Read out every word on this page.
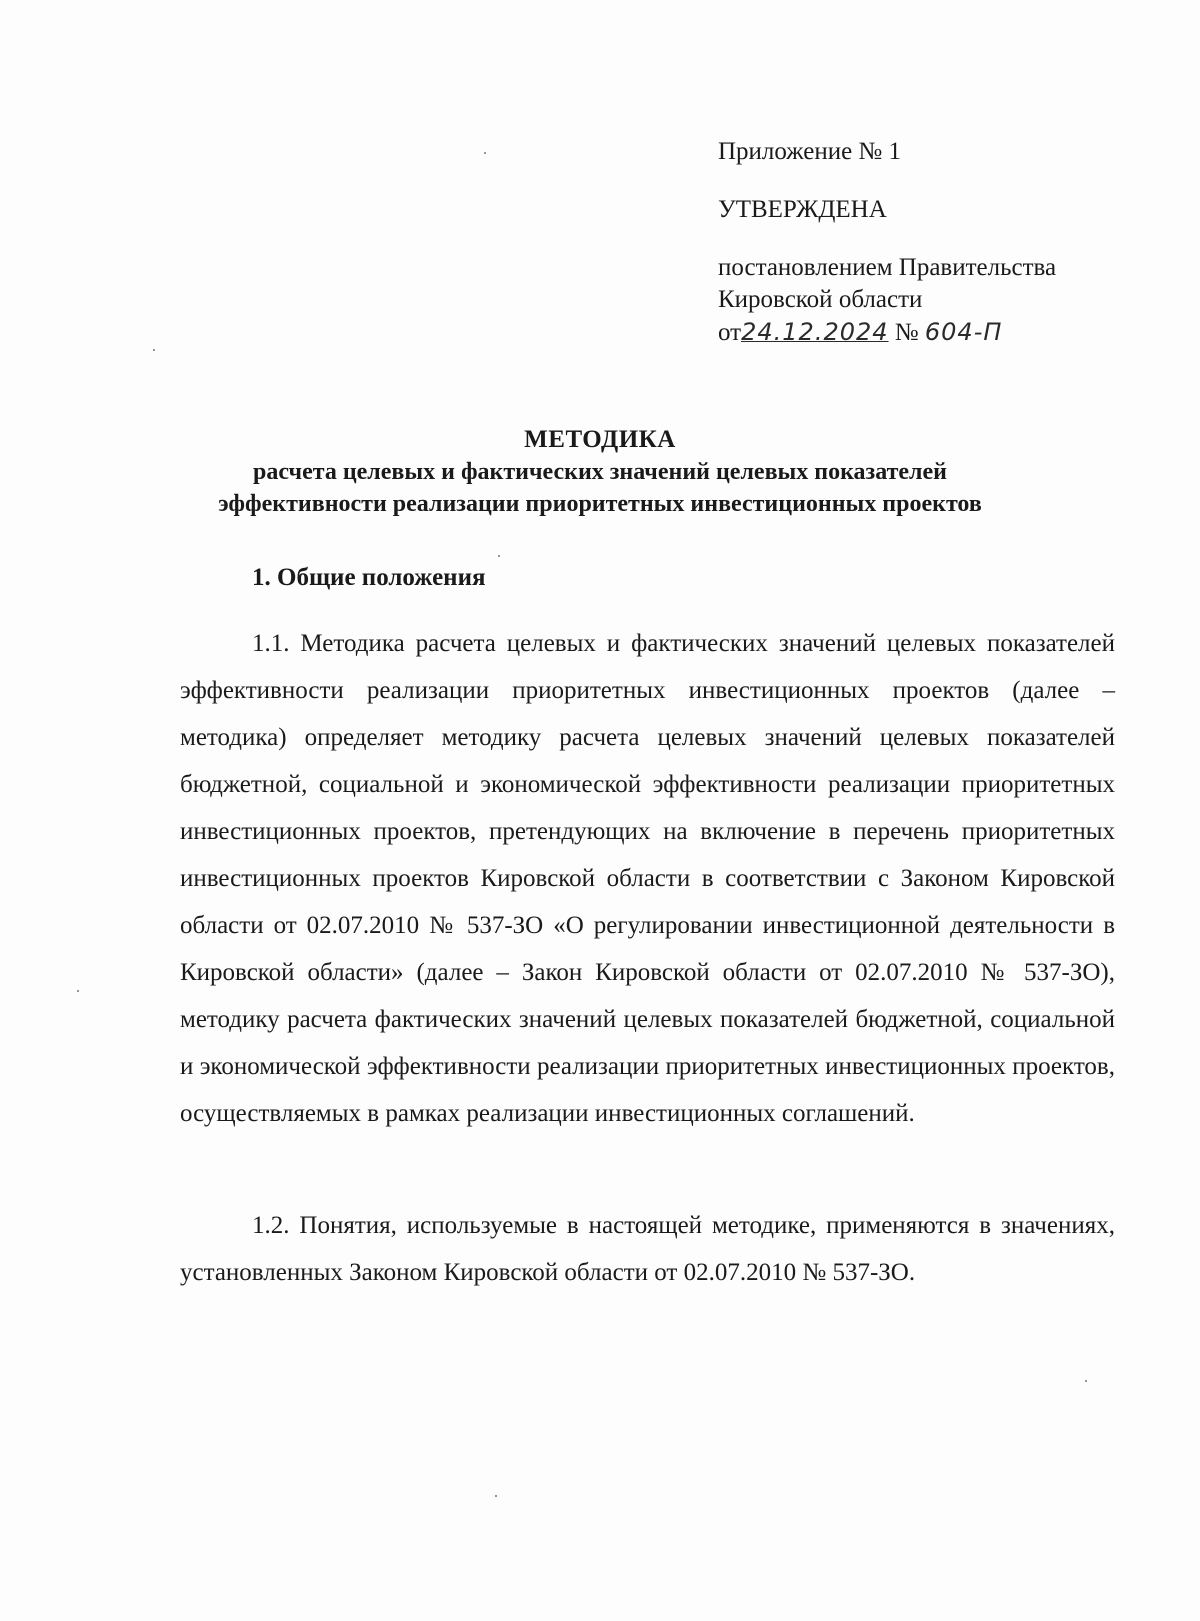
Приложение № 1
УТВЕРЖДЕНА
постановлением Правительства
Кировской области
от24.12.2024 № 604-П
МЕТОДИКА
расчета целевых и фактических значений целевых показателей
эффективности реализации приоритетных инвестиционных проектов
1. Общие положения

1.1. Методика расчета целевых и фактических значений целевых показателей эффективности реализации приоритетных инвестиционных проектов (далее – методика) определяет методику расчета целевых значений целевых показателей бюджетной, социальной и экономической эффективности реализации приоритетных инвестиционных проектов, претендующих на включение в перечень приоритетных инвестиционных проектов Кировской области в соответствии с Законом Кировской области от 02.07.2010 № 537-ЗО «О регулировании инвестиционной деятельности в Кировской области» (далее – Закон Кировской области от 02.07.2010 № 537-ЗО), методику расчета фактических значений целевых показателей бюджетной, социальной и экономической эффективности реализации приоритетных инвестиционных проектов, осуществляемых в рамках реализации инвестиционных соглашений.

1.2. Понятия, используемые в настоящей методике, применяются в значениях, установленных Законом Кировской области от 02.07.2010 № 537-ЗО.
